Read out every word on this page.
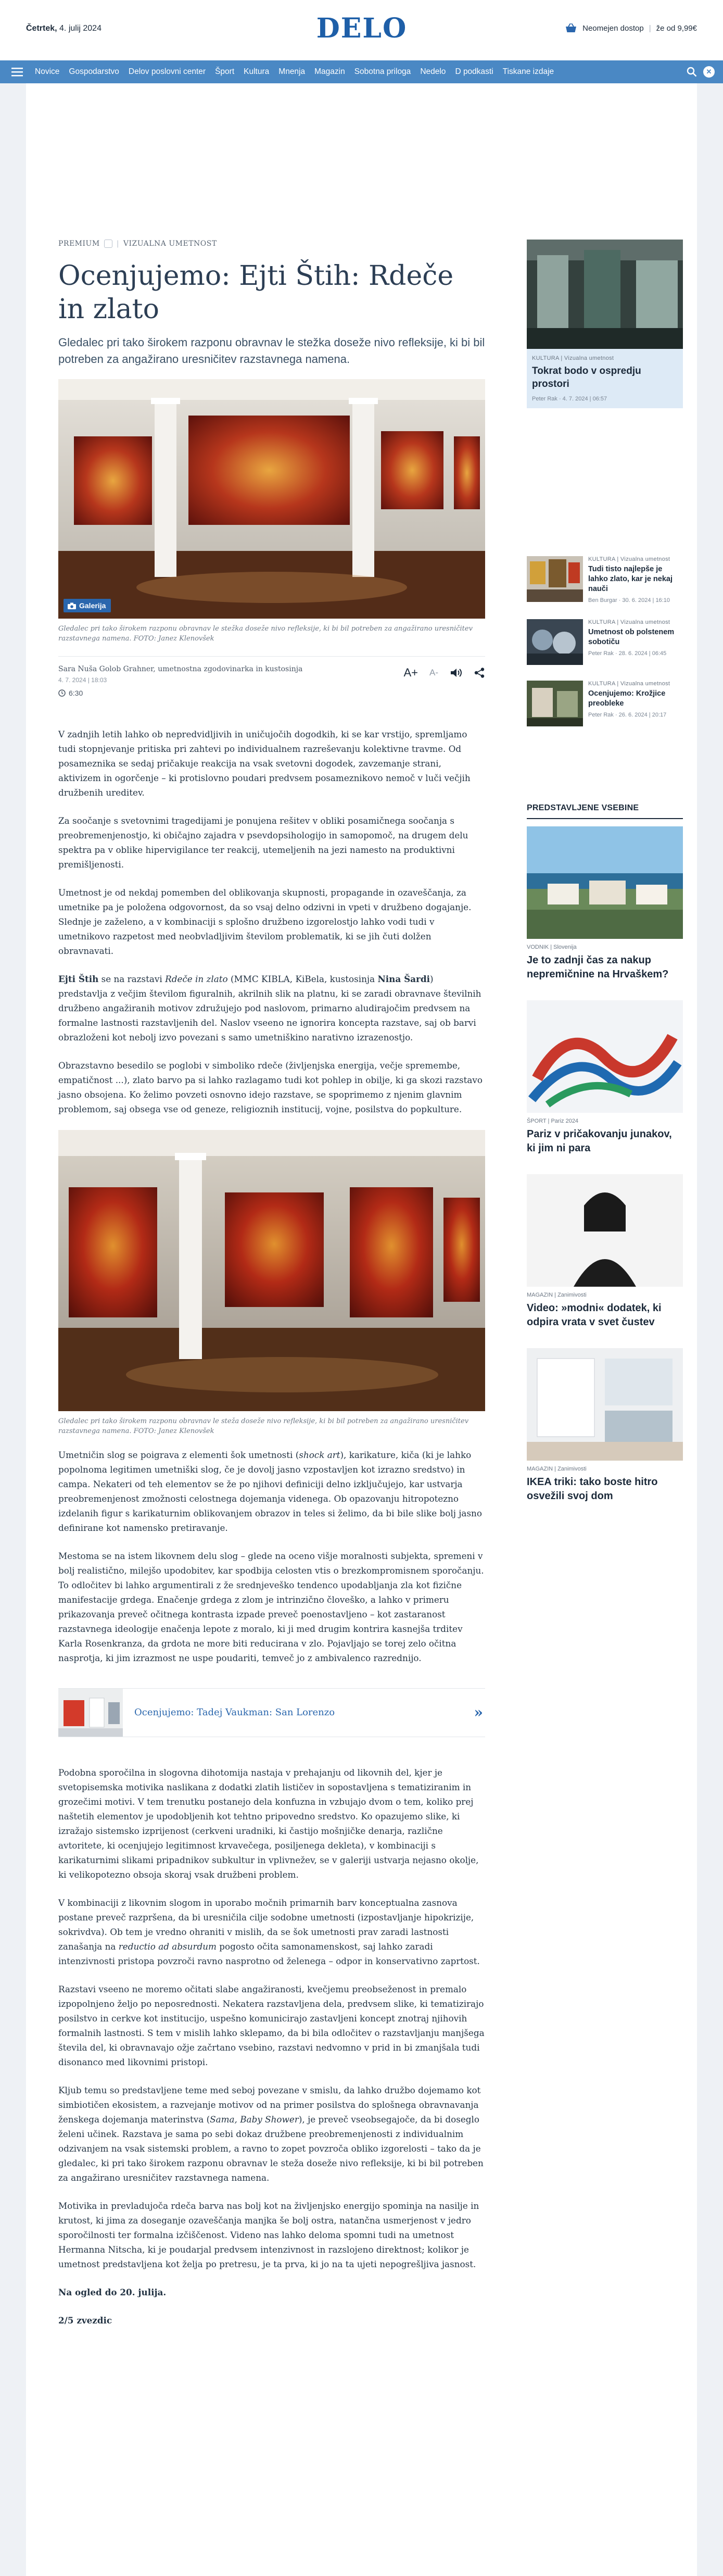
Četrtek, 4. julij 2024	DELO	Neomejen dostop | že od 9,99€
Novice	Gospodarstvo	Delov poslovni center	Šport	Kultura	Mnenja	Magazin	Sobotna priloga	Nedelo	D podkasti	Tiskane izdaje	✕
PREMIUM | VIZUALNA UMETNOST
Ocenjujemo: Ejti Štih: Rdeče in zlato
Gledalec pri tako širokem razponu obravnav le stežka doseže nivo refleksije, ki bi bil potreben za angažirano uresničitev razstavnega namena.
Galerija
Gledalec pri tako širokem razponu obravnav le stežka doseže nivo refleksije, ki bi bil potreben za angažirano uresničitev razstavnega namena. FOTO: Janez Klenovšek
Sara Nuša Golob Grahner, umetnostna zgodovinarka in kustosinja
4. 7. 2024 | 18:03
6:30
A+ A-

V zadnjih letih lahko ob nepredvidljivih in uničujočih dogodkih, ki se kar vrstijo, spremljamo tudi stopnjevanje pritiska pri zahtevi po individualnem razreševanju kolektivne travme. Od posameznika se sedaj pričakuje reakcija na vsak svetovni dogodek, zavzemanje strani, aktivizem in ogorčenje – ki protislovno poudari predvsem posameznikovo nemoč v luči večjih družbenih ureditev.

Za soočanje s svetovnimi tragedijami je ponujena rešitev v obliki posamičnega soočanja s preobremenjenostjo, ki običajno zajadra v psevdopsihologijo in samopomoč, na drugem delu spektra pa v oblike hipervigilance ter reakcij, utemeljenih na jezi namesto na produktivni premišljenosti.

Umetnost je od nekdaj pomemben del oblikovanja skupnosti, propagande in ozaveščanja, za umetnike pa je položena odgovornost, da so vsaj delno odzivni in vpeti v družbeno dogajanje. Slednje je zaželeno, a v kombinaciji s splošno družbeno izgorelostjo lahko vodi tudi v umetnikovo razpetost med neobvladljivim številom problematik, ki se jih čuti dolžen obravnavati.

Ejti Štih se na razstavi Rdeče in zlato (MMC KIBLA, KiBela, kustosinja Nina Šardi) predstavlja z večjim številom figuralnih, akrilnih slik na platnu, ki se zaradi obravnave številnih družbeno angažiranih motivov združujejo pod naslovom, primarno aludirajočim predvsem na formalne lastnosti razstavljenih del. Naslov vseeno ne ignorira koncepta razstave, saj ob barvi obrazloženi kot nebolj izvo povezani s samo umetniškino narativno izrazenostjo.

Obrazstavno besedilo se poglobi v simboliko rdeče (življenjska energija, večje spremembe, empatičnost ...), zlato barvo pa si lahko razlagamo tudi kot pohlep in obilje, ki ga skozi razstavo jasno obsojena. Ko želimo povzeti osnovno idejo razstave, se spoprimemo z njenim glavnim problemom, saj obsega vse od geneze, religioznih institucij, vojne, posilstva do popkulture.

Gledalec pri tako širokem razponu obravnav le steža doseže nivo refleksije, ki bi bil potreben za angažirano uresničitev razstavnega namena. FOTO: Janez Klenovšek

Umetničin slog se poigrava z elementi šok umetnosti (shock art), karikature, kiča (ki je lahko popolnoma legitimen umetniški slog, če je dovolj jasno vzpostavljen kot izrazno sredstvo) in campa. Nekateri od teh elementov se že po njihovi definiciji delno izključujejo, kar ustvarja preobremenjenost zmožnosti celostnega dojemanja videnega. Ob opazovanju hitropoteznо izdelanih figur s karikaturnim oblikovanjem obrazov in teles si želimo, da bi bile slike bolj jasno definirane kot namensko pretiravanje.

Mestoma se na istem likovnem delu slog – glede na oceno višje moralnosti subjekta, spremeni v bolj realistično, milejšo upodobitev, kar spodbija celosten vtis o brezkompromisnem sporočanju. To odločitev bi lahko argumentirali z že srednjeveško tendenco upodabljanja zla kot fizične manifestacije grdega. Enačenje grdega z zlom je intrinzično človeško, a lahko v primeru prikazovanja preveč očitnega kontrasta izpade preveč poenostavljeno – kot zastaranost razstavnega ideologije enačenja lepote z moralo, ki ji med drugim kontrira kasnejša trditev Karla Rosenkranza, da grdota ne more biti reducirana v zlo. Pojavljajo se torej zelo očitna nasprotja, ki jim izrazmost ne uspe poudariti, temveč jo z ambivalenco razrednijo.

Ocenjujemo: Tadej Vaukman: San Lorenzo	»

Podobna sporočilna in slogovna dihotomija nastaja v prehajanju od likovnih del, kjer je svetopisemska motivika naslikana z dodatki zlatih lističev in sopostavljena s tematiziranim in grozečimi motivi. V tem trenutku postanejo dela konfuzna in vzbujajo dvom o tem, koliko prej naštetih elementov je upodobljenih kot tehtno pripovedno sredstvo. Ko opazujemo slike, ki izražajo sistemsko izprijenost (cerkveni uradniki, ki častijo mošnjičke denarja, različne avtoritete, ki ocenjujejo legitimnost krvavečega, posiljenega dekleta), v kombinaciji s karikaturnimi slikami pripadnikov subkultur in vplivnežev, se v galeriji ustvarja nejasno okolje, ki velikopotezno obsoja skoraj vsak družbeni problem.

V kombinaciji z likovnim slogom in uporabo močnih primarnih barv konceptualna zasnova postane preveč razpršena, da bi uresničila cilje sodobne umetnosti (izpostavljanje hipokrizije, sokrivdva). Ob tem je vredno ohraniti v mislih, da se šok umetnosti prav zaradi lastnosti zanašanja na reductio ad absurdum pogosto očita samonamenskost, saj lahko zaradi intenzivnosti pristopa povzroči ravno nasprotno od želenega – odpor in konservativno zaprtost.

Razstavi vseeno ne moremo očitati slabe angažiranosti, kvečjemu preobseženost in premalo izpopolnjeno željo po neposrednosti. Nekatera razstavljena dela, predvsem slike, ki tematizirajo posilstvo in cerkve kot institucijo, uspešno komunicirajo zastavljeni koncept znotraj njihovih formalnih lastnosti. S tem v mislih lahko sklepamo, da bi bila odločitev o razstavljanju manjšega števila del, ki obravnavajo ožje začrtano vsebino, razstavi nedvomno v prid in bi zmanjšala tudi disonanco med likovnimi pristopi.

Kljub temu so predstavljene teme med seboj povezane v smislu, da lahko družbo dojemamo kot simbiotičen ekosistem, a razvejanje motivov od na primer posilstva do splošnega obravnavanja ženskega dojemanja materinstva (Sama, Baby Shower), je preveč vseobsegajoče, da bi doseglo želeni učinek. Razstava je sama po sebi dokaz družbene preobremenjenosti z individualnim odzivanjem na vsak sistemski problem, a ravno to zopet povzroča obliko izgorelosti – tako da je gledalec, ki pri tako širokem razponu obravnav le steža doseže nivo refleksije, ki bi bil potreben za angažirano uresničitev razstavnega namena.

Motivika in prevladujoča rdeča barva nas bolj kot na življenjsko energijo spominja na nasilje in krutost, ki jima za doseganje ozaveščanja manjka še bolj ostra, natančna usmerjenost v jedro sporočilnosti ter formalna izčiščenost. Videno nas lahko deloma spomni tudi na umetnost Hermanna Nitscha, ki je poudarjal predvsem intenzivnost in razslojeno direktnost; kolikor je umetnost predstavljena kot želja po pretresu, je ta prva, ki jo na ta ujeti nepogrešljiva jasnost.

Na ogled do 20. julija.

2/5 zvezdic

KULTURA | Vizualna umetnost
Tokrat bodo v ospredju prostori
Peter Rak · 4. 7. 2024 | 06:57
KULTURA | Vizualna umetnost
Tudi tisto najlepše je lahko zlato, kar je nekaj nauči
Ben Burgar · 30. 6. 2024 | 16:10
KULTURA | Vizualna umetnost
Umetnost ob polstenem sobotiču
Peter Rak · 28. 6. 2024 | 06:45
KULTURA | Vizualna umetnost
Ocenjujemo: Krožjice preobleke
Peter Rak · 26. 6. 2024 | 20:17
PREDSTAVLJENE VSEBINE
VODNIK | Slovenija
Je to zadnji čas za nakup nepremičnine na Hrvaškem?
ŠPORT | Pariz 2024
Pariz v pričakovanju junakov, ki jim ni para
MAGAZIN | Zanimivosti
Video: »modni« dodatek, ki odpira vrata v svet čustev
MAGAZIN | Zanimivosti
IKEA triki: tako boste hitro osvežili svoj dom
